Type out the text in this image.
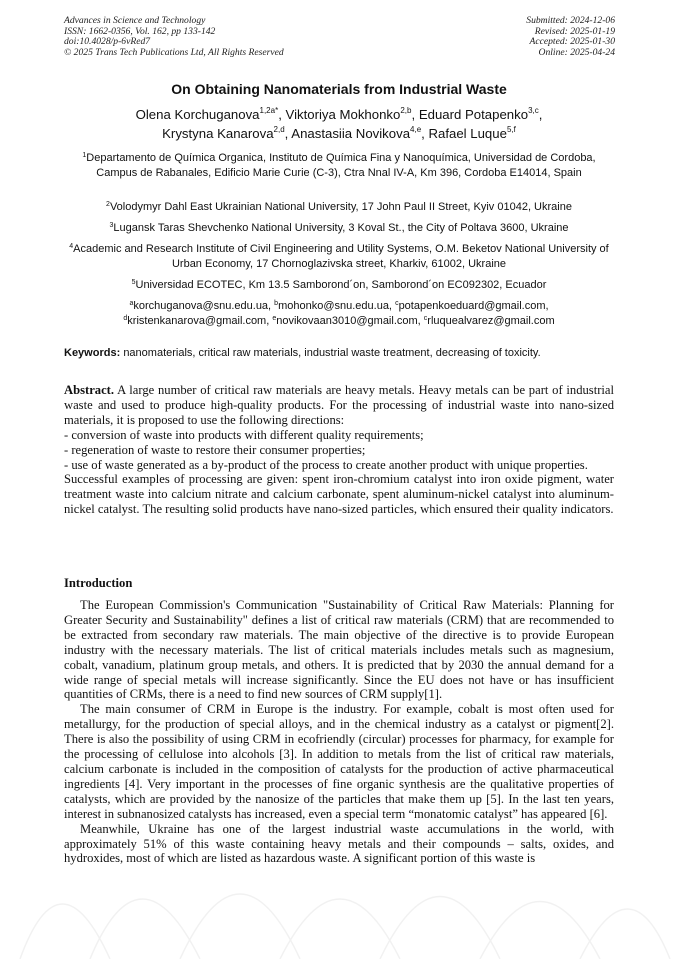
Advances in Science and Technology
ISSN: 1662-0356, Vol. 162, pp 133-142
doi:10.4028/p-6vRed7
© 2025 Trans Tech Publications Ltd, All Rights Reserved
Submitted: 2024-12-06
Revised: 2025-01-19
Accepted: 2025-01-30
Online: 2025-04-24
On Obtaining Nanomaterials from Industrial Waste
Olena Korchuganova$^{1,2a*}$, Viktoriya Mokhonko$^{2,b}$, Eduard Potapenko$^{3,c}$,
Krystyna Kanarova$^{2,d}$, Anastasiia Novikova$^{4,e}$, Rafael Luque$^{5,f}$
$^1$Departamento de Química Organica, Instituto de Química Fina y Nanoquímica, Universidad de Cordoba, Campus de Rabanales, Edificio Marie Curie (C-3), Ctra Nnal IV-A, Km 396, Cordoba E14014, Spain
$^2$Volodymyr Dahl East Ukrainian National University, 17 John Paul II Street, Kyiv 01042, Ukraine
$^3$Lugansk Taras Shevchenko National University, 3 Koval St., the City of Poltava 3600, Ukraine
$^4$Academic and Research Institute of Civil Engineering and Utility Systems, O.M. Beketov National University of Urban Economy, 17 Chornoglazivska street, Kharkiv, 61002, Ukraine
$^5$Universidad ECOTEC, Km 13.5 Samborond´on, Samborond´on EC092302, Ecuador
$^a$korchuganova@snu.edu.ua, $^b$mohonko@snu.edu.ua, $^c$potapenkoeduard@gmail.com,
$^d$kristenkanarova@gmail.com, $^e$novikovaan3010@gmail.com, $^c$rluquealvarez@gmail.com
Keywords: nanomaterials, critical raw materials, industrial waste treatment, decreasing of toxicity.

Abstract. A large number of critical raw materials are heavy metals. Heavy metals can be part of industrial waste and used to produce high-quality products. For the processing of industrial waste into nano-sized materials, it is proposed to use the following directions:

- conversion of waste into products with different quality requirements;

- regeneration of waste to restore their consumer properties;

- use of waste generated as a by-product of the process to create another product with unique properties.

Successful examples of processing are given: spent iron-chromium catalyst into iron oxide pigment, water treatment waste into calcium nitrate and calcium carbonate, spent aluminum-nickel catalyst into aluminum-nickel catalyst. The resulting solid products have nano-sized particles, which ensured their quality indicators.

Introduction

The European Commission's Communication "Sustainability of Critical Raw Materials: Planning for Greater Security and Sustainability" defines a list of critical raw materials (CRM) that are recommended to be extracted from secondary raw materials. The main objective of the directive is to provide European industry with the necessary materials. The list of critical materials includes metals such as magnesium, cobalt, vanadium, platinum group metals, and others. It is predicted that by 2030 the annual demand for a wide range of special metals will increase significantly. Since the EU does not have or has insufficient quantities of CRMs, there is a need to find new sources of CRM supply[1].

The main consumer of CRM in Europe is the industry. For example, cobalt is most often used for metallurgy, for the production of special alloys, and in the chemical industry as a catalyst or pigment[2]. There is also the possibility of using CRM in ecofriendly (circular) processes for pharmacy, for example for the processing of cellulose into alcohols [3]. In addition to metals from the list of critical raw materials, calcium carbonate is included in the composition of catalysts for the production of active pharmaceutical ingredients [4]. Very important in the processes of fine organic synthesis are the qualitative properties of catalysts, which are provided by the nanosize of the particles that make them up [5]. In the last ten years, interest in subnanosized catalysts has increased, even a special term “monatomic catalyst” has appeared [6].

Meanwhile, Ukraine has one of the largest industrial waste accumulations in the world, with approximately 51% of this waste containing heavy metals and their compounds – salts, oxides, and hydroxides, most of which are listed as hazardous waste. A significant portion of this waste is
